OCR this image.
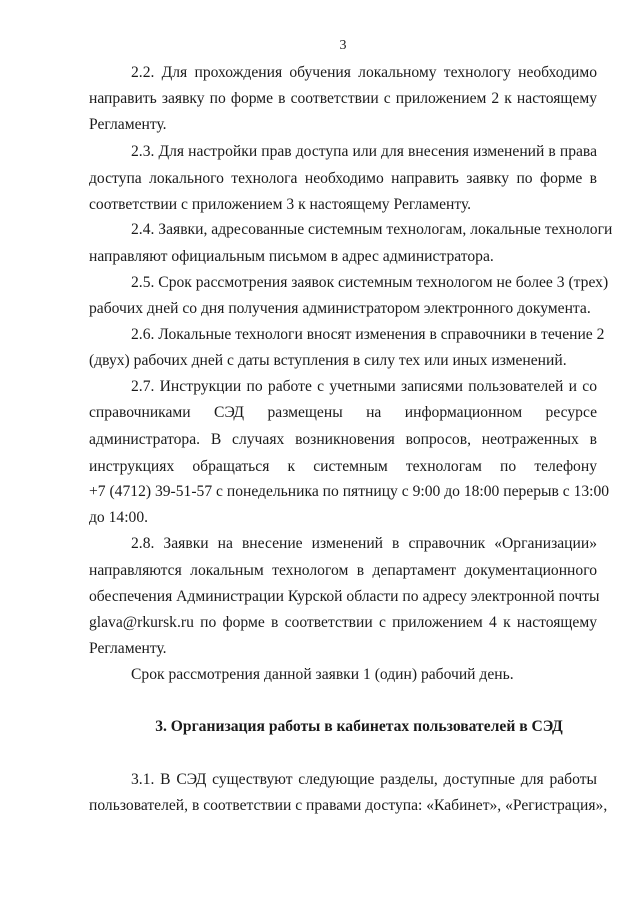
3
2.2. Для прохождения обучения локальному технологу необходимо
направить заявку по форме в соответствии с приложением 2 к настоящему
Регламенту.
2.3. Для настройки прав доступа или для внесения изменений в права
доступа локального технолога необходимо направить заявку по форме в
соответствии с приложением 3 к настоящему Регламенту.
2.4. Заявки, адресованные системным технологам, локальные технологи
направляют официальным письмом в адрес администратора.
2.5. Срок рассмотрения заявок системным технологом не более 3 (трех)
рабочих дней со дня получения администратором электронного документа.
2.6. Локальные технологи вносят изменения в справочники в течение 2
(двух) рабочих дней с даты вступления в силу тех или иных изменений.
2.7. Инструкции по работе с учетными записями пользователей и со
справочниками СЭД размещены на информационном ресурсе
администратора. В случаях возникновения вопросов, неотраженных в
инструкциях обращаться к системным технологам по телефону
+7 (4712) 39-51-57 с понедельника по пятницу с 9:00 до 18:00 перерыв с 13:00
до 14:00.
2.8. Заявки на внесение изменений в справочник «Организации»
направляются локальным технологом в департамент документационного
обеспечения Администрации Курской области по адресу электронной почты
glava@rkursk.ru по форме в соответствии с приложением 4 к настоящему
Регламенту.
Срок рассмотрения данной заявки 1 (один) рабочий день.
3. Организация работы в кабинетах пользователей в СЭД
3.1. В СЭД существуют следующие разделы, доступные для работы
пользователей, в соответствии с правами доступа: «Кабинет», «Регистрация»,
